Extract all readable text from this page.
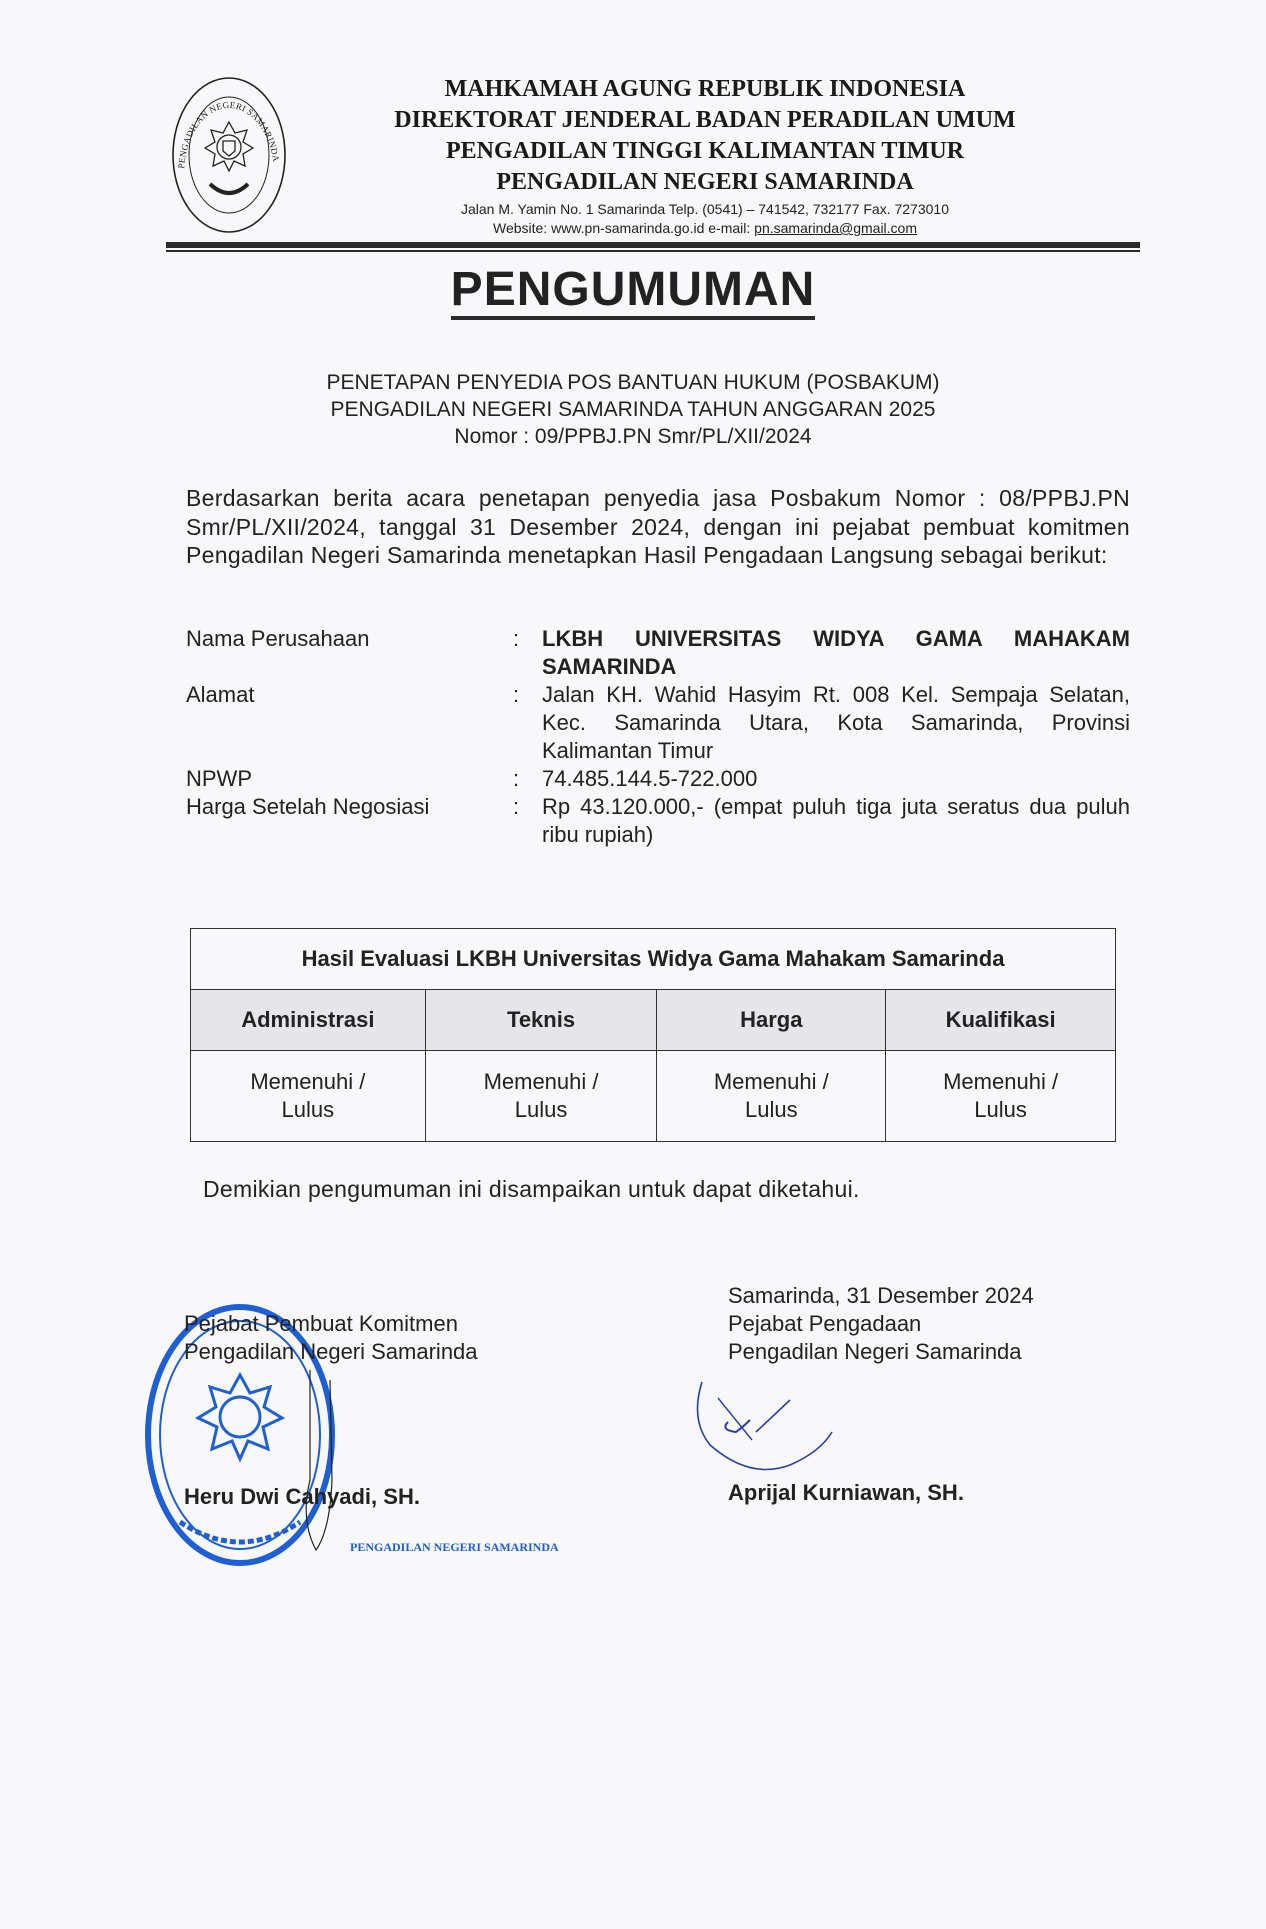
PENGADILAN NEGERI SAMARINDA
MAHKAMAH AGUNG REPUBLIK INDONESIA
DIREKTORAT JENDERAL BADAN PERADILAN UMUM
PENGADILAN TINGGI KALIMANTAN TIMUR
PENGADILAN NEGERI SAMARINDA
Jalan M. Yamin No. 1 Samarinda Telp. (0541) – 741542, 732177 Fax. 7273010
Website: www.pn-samarinda.go.id e-mail: pn.samarinda@gmail.com
PENGUMUMAN
PENETAPAN PENYEDIA POS BANTUAN HUKUM (POSBAKUM)
PENGADILAN NEGERI SAMARINDA TAHUN ANGGARAN 2025
Nomor : 09/PPBJ.PN Smr/PL/XII/2024
Berdasarkan berita acara penetapan penyedia jasa Posbakum Nomor : 08/PPBJ.PN Smr/PL/XII/2024, tanggal 31 Desember 2024, dengan ini pejabat pembuat komitmen Pengadilan Negeri Samarinda menetapkan Hasil Pengadaan Langsung sebagai berikut:
Nama Perusahaan	:	LKBH UNIVERSITAS WIDYA GAMA MAHAKAM SAMARINDA
Alamat	:	Jalan KH. Wahid Hasyim Rt. 008 Kel. Sempaja Selatan, Kec. Samarinda Utara, Kota Samarinda, Provinsi Kalimantan Timur
NPWP	:	74.485.144.5-722.000
Harga Setelah Negosiasi	:	Rp 43.120.000,- (empat puluh tiga juta seratus dua puluh ribu rupiah)
Hasil Evaluasi LKBH Universitas Widya Gama Mahakam Samarinda			
Administrasi	Teknis	Harga	Kualifikasi

Memenuhi / Lulus	Memenuhi / Lulus	Memenuhi / Lulus	Memenuhi / Lulus
Demikian pengumuman ini disampaikan untuk dapat diketahui.
PENGADILAN NEGERI SAMARINDA
Pejabat Pembuat Komitmen
Pengadilan Negeri Samarinda
Heru Dwi Cahyadi, SH.
Samarinda, 31 Desember 2024
Pejabat Pengadaan
Pengadilan Negeri Samarinda
Aprijal Kurniawan, SH.
